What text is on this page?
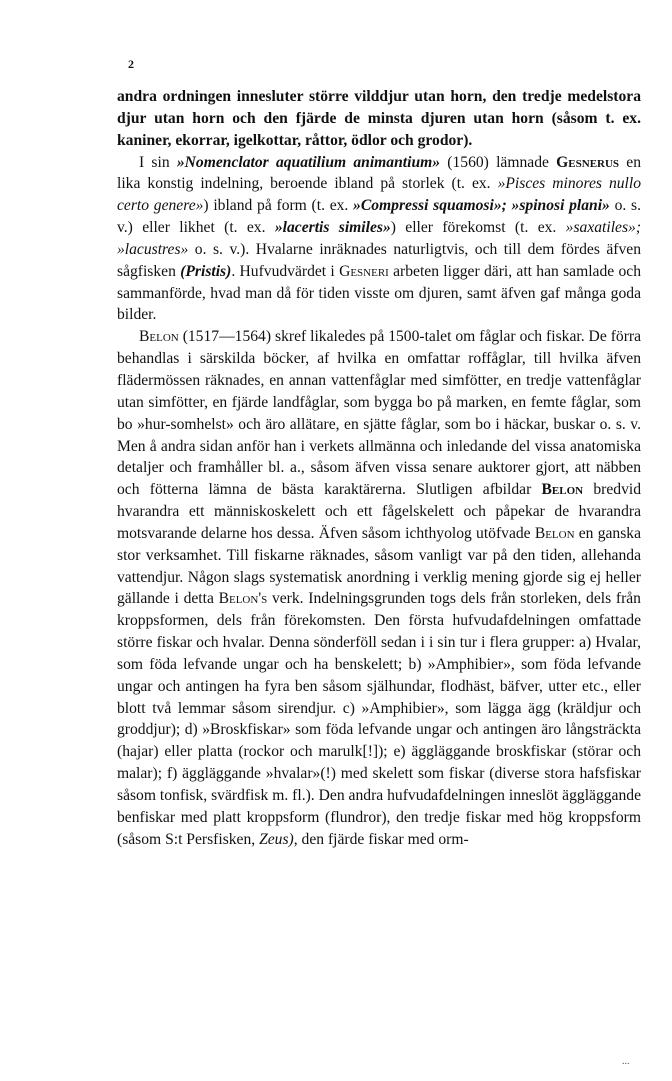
2

andra ordningen innesluter större vilddjur utan horn, den tredje medelstora djur utan horn och den fjärde de minsta djuren utan horn (såsom t. ex. kaniner, ekorrar, igelkottar, råttor, ödlor och grodor).

I sin »Nomenclator aquatilium animantium» (1560) lämnade Gesnerus en lika konstig indelning, beroende ibland på storlek (t. ex. »Pisces minores nullo certo genere») ibland på form (t. ex. »Compressi squamosi»; »spinosi plani» o. s. v.) eller likhet (t. ex. »lacertis similes») eller förekomst (t. ex. »saxatiles»; »lacustres» o. s. v.). Hvalarne inräknades naturligtvis, och till dem fördes äfven sågfisken (Pristis). Hufvudvärdet i Gesneri arbeten ligger däri, att han samlade och sammanförde, hvad man då för tiden visste om djuren, samt äfven gaf många goda bilder.

Belon (1517—1564) skref likaledes på 1500-talet om fåglar och fiskar. De förra behandlas i särskilda böcker, af hvilka en omfattar roffåglar, till hvilka äfven flädermössen räknades, en annan vattenfåglar med simfötter, en tredje vattenfåglar utan simfötter, en fjärde landfåglar, som bygga bo på marken, en femte fåglar, som bo »hur-somhelst» och äro allätare, en sjätte fåglar, som bo i häckar, buskar o. s. v. Men å andra sidan anför han i verkets allmänna och inledande del vissa anatomiska detaljer och framhåller bl. a., såsom äfven vissa senare auktorer gjort, att näbben och fötterna lämna de bästa karaktärerna. Slutligen afbildar Belon bredvid hvarandra ett människoskelett och ett fågelskelett och påpekar de hvarandra motsvarande delarne hos dessa. Äfven såsom ichthyolog utöfvade Belon en ganska stor verksamhet. Till fiskarne räknades, såsom vanligt var på den tiden, allehanda vattendjur. Någon slags systematisk anordning i verklig mening gjorde sig ej heller gällande i detta Belon's verk. Indelningsgrunden togs dels från storleken, dels från kroppsformen, dels från förekomsten. Den första hufvudafdelningen omfattade större fiskar och hvalar. Denna sönderföll sedan i i sin tur i flera grupper: a) Hvalar, som föda lefvande ungar och ha benskelett; b) »Amphibier», som föda lefvande ungar och antingen ha fyra ben såsom själhundar, flodhäst, bäfver, utter etc., eller blott två lemmar såsom sirendjur. c) »Amphibier», som lägga ägg (kräldjur och groddjur); d) »Broskfiskar» som föda lefvande ungar och antingen äro långsträckta (hajar) eller platta (rockor och marulk[!]); e) äggläggande broskfiskar (störar och malar); f) äggläggande »hvalar»(!) med skelett som fiskar (diverse stora hafsfiskar såsom tonfisk, svärdfisk m. fl.). Den andra hufvudafdelningen inneslöt äggläggande benfiskar med platt kroppsform (flundror), den tredje fiskar med hög kroppsform (såsom S:t Persfisken, Zeus), den fjärde fiskar med orm-

...
